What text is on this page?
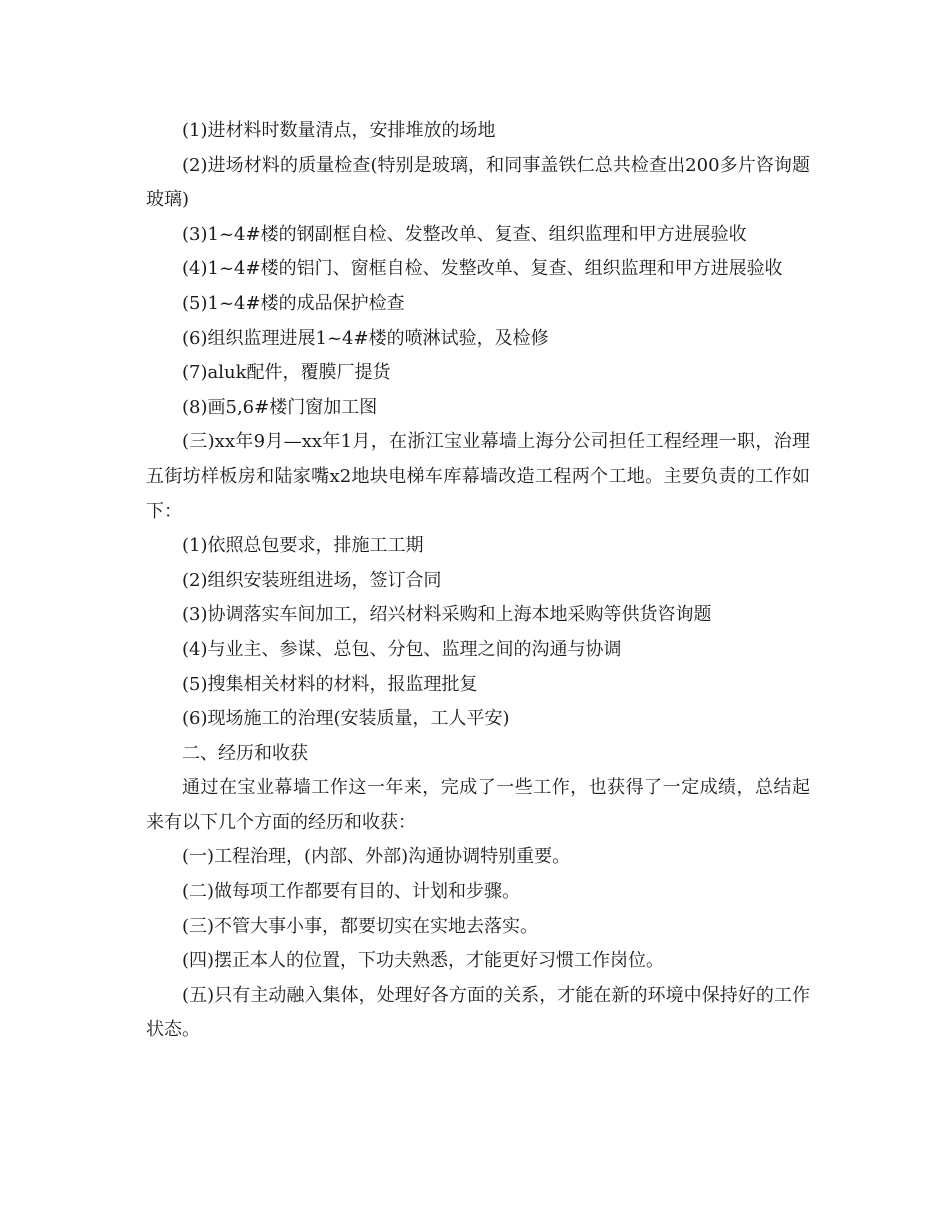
(1)进材料时数量清点，安排堆放的场地

(2)进场材料的质量检查(特别是玻璃，和同事盖铁仁总共检查出200多片咨询题玻璃)

(3)1~4#楼的钢副框自检、发整改单、复查、组织监理和甲方进展验收

(4)1~4#楼的铝门、窗框自检、发整改单、复查、组织监理和甲方进展验收

(5)1~4#楼的成品保护检查

(6)组织监理进展1~4#楼的喷淋试验，及检修

(7)aluk配件，覆膜厂提货

(8)画5,6#楼门窗加工图

(三)xx年9月—xx年1月，在浙江宝业幕墙上海分公司担任工程经理一职，治理五街坊样板房和陆家嘴x2地块电梯车库幕墙改造工程两个工地。主要负责的工作如下：

(1)依照总包要求，排施工工期

(2)组织安装班组进场，签订合同

(3)协调落实车间加工，绍兴材料采购和上海本地采购等供货咨询题

(4)与业主、参谋、总包、分包、监理之间的沟通与协调

(5)搜集相关材料的材料，报监理批复

(6)现场施工的治理(安装质量，工人平安)

二、经历和收获

通过在宝业幕墙工作这一年来，完成了一些工作，也获得了一定成绩，总结起来有以下几个方面的经历和收获：

(一)工程治理，(内部、外部)沟通协调特别重要。

(二)做每项工作都要有目的、计划和步骤。

(三)不管大事小事，都要切实在实地去落实。

(四)摆正本人的位置，下功夫熟悉，才能更好习惯工作岗位。

(五)只有主动融入集体，处理好各方面的关系，才能在新的环境中保持好的工作状态。
